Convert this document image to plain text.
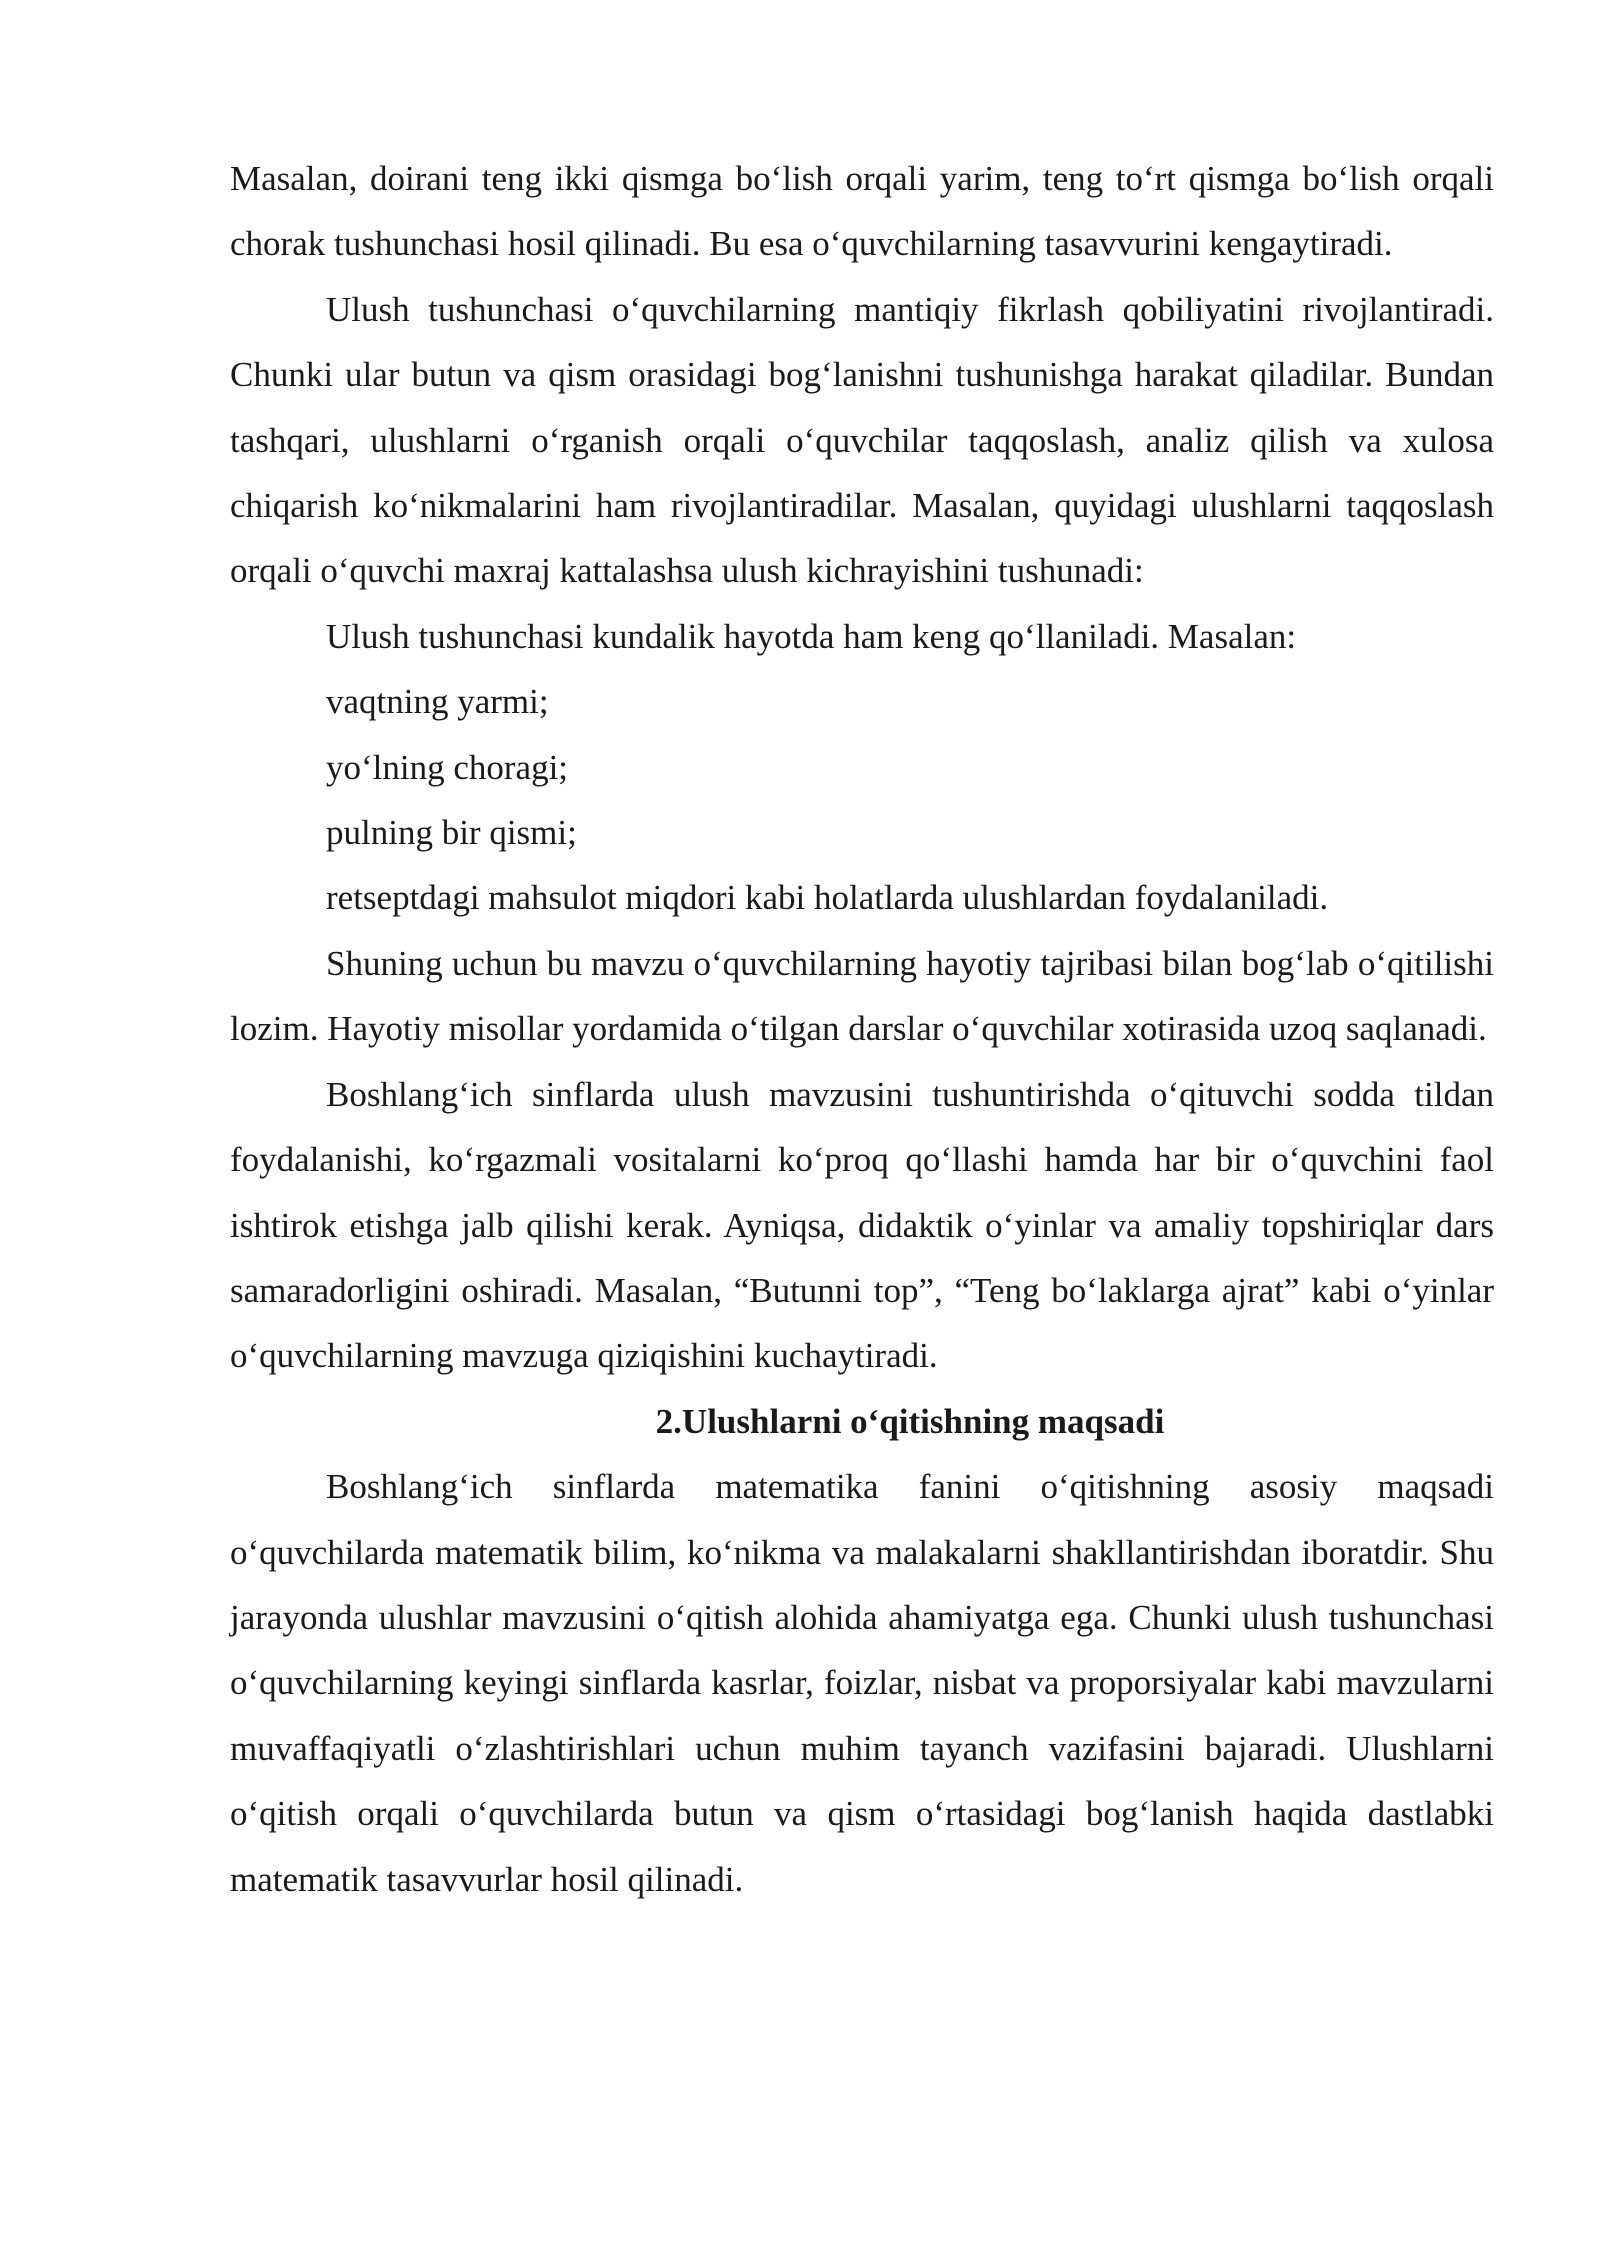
Masalan, doirani teng ikki qismga bo‘lish orqali yarim, teng to‘rt qismga bo‘lish orqali chorak tushunchasi hosil qilinadi. Bu esa o‘quvchilarning tasavvurini kengaytiradi.

Ulush tushunchasi o‘quvchilarning mantiqiy fikrlash qobiliyatini rivojlantiradi. Chunki ular butun va qism orasidagi bog‘lanishni tushunishga harakat qiladilar. Bundan tashqari, ulushlarni o‘rganish orqali o‘quvchilar taqqoslash, analiz qilish va xulosa chiqarish ko‘nikmalarini ham rivojlantiradilar. Masalan, quyidagi ulushlarni taqqoslash orqali o‘quvchi maxraj kattalashsa ulush kichrayishini tushunadi:

Ulush tushunchasi kundalik hayotda ham keng qo‘llaniladi. Masalan:

vaqtning yarmi;

yo‘lning choragi;

pulning bir qismi;

retseptdagi mahsulot miqdori kabi holatlarda ulushlardan foydalaniladi.

Shuning uchun bu mavzu o‘quvchilarning hayotiy tajribasi bilan bog‘lab o‘qitilishi lozim. Hayotiy misollar yordamida o‘tilgan darslar o‘quvchilar xotirasida uzoq saqlanadi.

Boshlang‘ich sinflarda ulush mavzusini tushuntirishda o‘qituvchi sodda tildan foydalanishi, ko‘rgazmali vositalarni ko‘proq qo‘llashi hamda har bir o‘quvchini faol ishtirok etishga jalb qilishi kerak. Ayniqsa, didaktik o‘yinlar va amaliy topshiriqlar dars samaradorligini oshiradi. Masalan, “Butunni top”, “Teng bo‘laklarga ajrat” kabi o‘yinlar o‘quvchilarning mavzuga qiziqishini kuchaytiradi.

2.Ulushlarni o‘qitishning maqsadi

Boshlang‘ich sinflarda matematika fanini o‘qitishning asosiy maqsadi o‘quvchilarda matematik bilim, ko‘nikma va malakalarni shakllantirishdan iboratdir. Shu jarayonda ulushlar mavzusini o‘qitish alohida ahamiyatga ega. Chunki ulush tushunchasi o‘quvchilarning keyingi sinflarda kasrlar, foizlar, nisbat va proporsiyalar kabi mavzularni muvaffaqiyatli o‘zlashtirishlari uchun muhim tayanch vazifasini bajaradi. Ulushlarni o‘qitish orqali o‘quvchilarda butun va qism o‘rtasidagi bog‘lanish haqida dastlabki matematik tasavvurlar hosil qilinadi.
